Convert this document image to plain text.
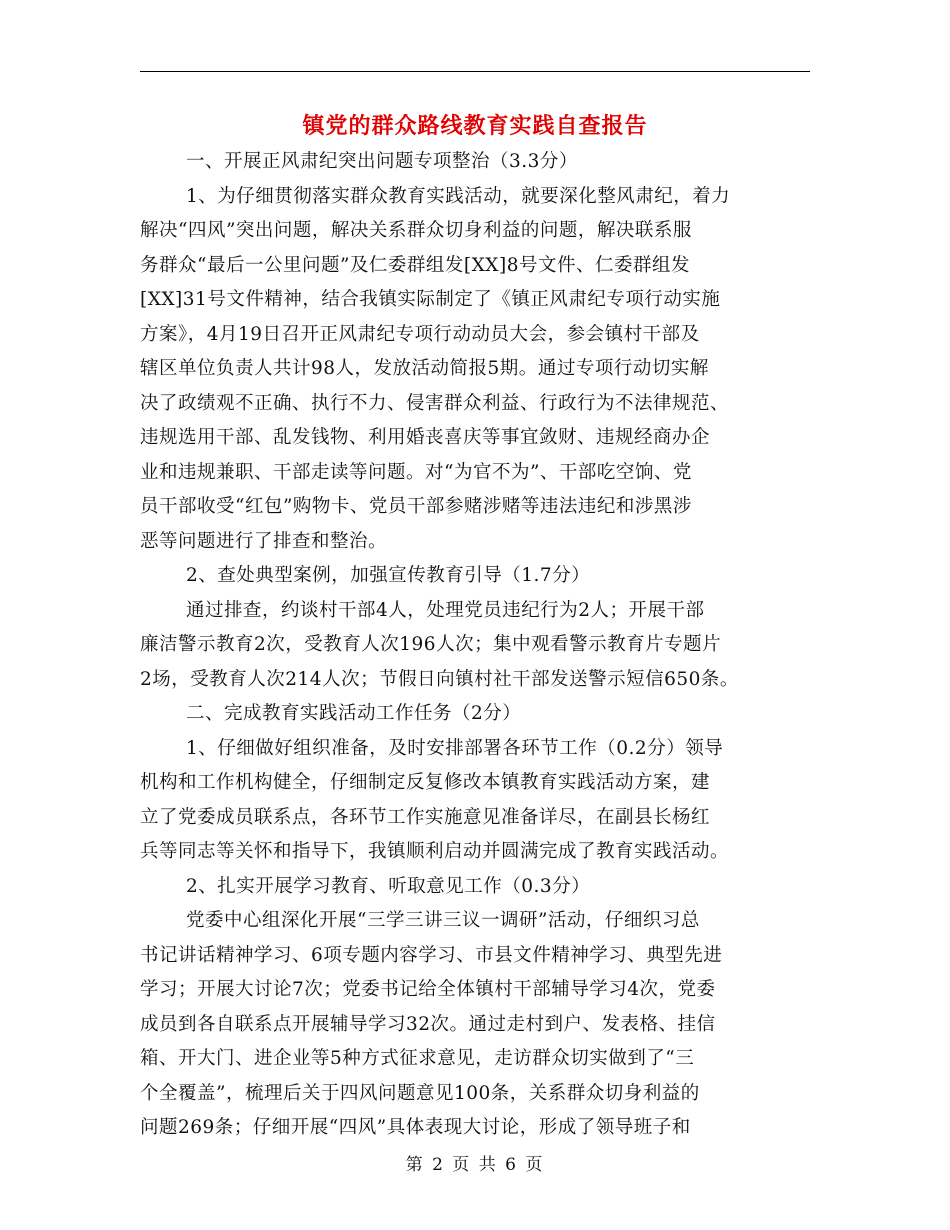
镇党的群众路线教育实践自查报告
一、开展正风肃纪突出问题专项整治（3.3分）
1、为仔细贯彻落实群众教育实践活动，就要深化整风肃纪，着力
解决“四风”突出问题，解决关系群众切身利益的问题，解决联系服
务群众“最后一公里问题”及仁委群组发[XX]8号文件、仁委群组发
[XX]31号文件精神，结合我镇实际制定了《镇正风肃纪专项行动实施
方案》，4月19日召开正风肃纪专项行动动员大会，参会镇村干部及
辖区单位负责人共计98人，发放活动简报5期。通过专项行动切实解
决了政绩观不正确、执行不力、侵害群众利益、行政行为不法律规范、
违规选用干部、乱发钱物、利用婚丧喜庆等事宜敛财、违规经商办企
业和违规兼职、干部走读等问题。对“为官不为”、干部吃空饷、党
员干部收受“红包”购物卡、党员干部参赌涉赌等违法违纪和涉黑涉
恶等问题进行了排查和整治。
2、查处典型案例，加强宣传教育引导（1.7分）
通过排查，约谈村干部4人，处理党员违纪行为2人；开展干部
廉洁警示教育2次，受教育人次196人次；集中观看警示教育片专题片
2场，受教育人次214人次；节假日向镇村社干部发送警示短信650条。
二、完成教育实践活动工作任务（2分）
1、仔细做好组织准备，及时安排部署各环节工作（0.2分）领导
机构和工作机构健全，仔细制定反复修改本镇教育实践活动方案，建
立了党委成员联系点，各环节工作实施意见准备详尽，在副县长杨红
兵等同志等关怀和指导下，我镇顺利启动并圆满完成了教育实践活动。
2、扎实开展学习教育、听取意见工作（0.3分）
党委中心组深化开展“三学三讲三议一调研”活动，仔细织习总
书记讲话精神学习、6项专题内容学习、市县文件精神学习、典型先进
学习；开展大讨论7次；党委书记给全体镇村干部辅导学习4次，党委
成员到各自联系点开展辅导学习32次。通过走村到户、发表格、挂信
箱、开大门、进企业等5种方式征求意见，走访群众切实做到了“三
个全覆盖”，梳理后关于四风问题意见100条，关系群众切身利益的
问题269条；仔细开展“四风”具体表现大讨论，形成了领导班子和
第 2 页 共 6 页
